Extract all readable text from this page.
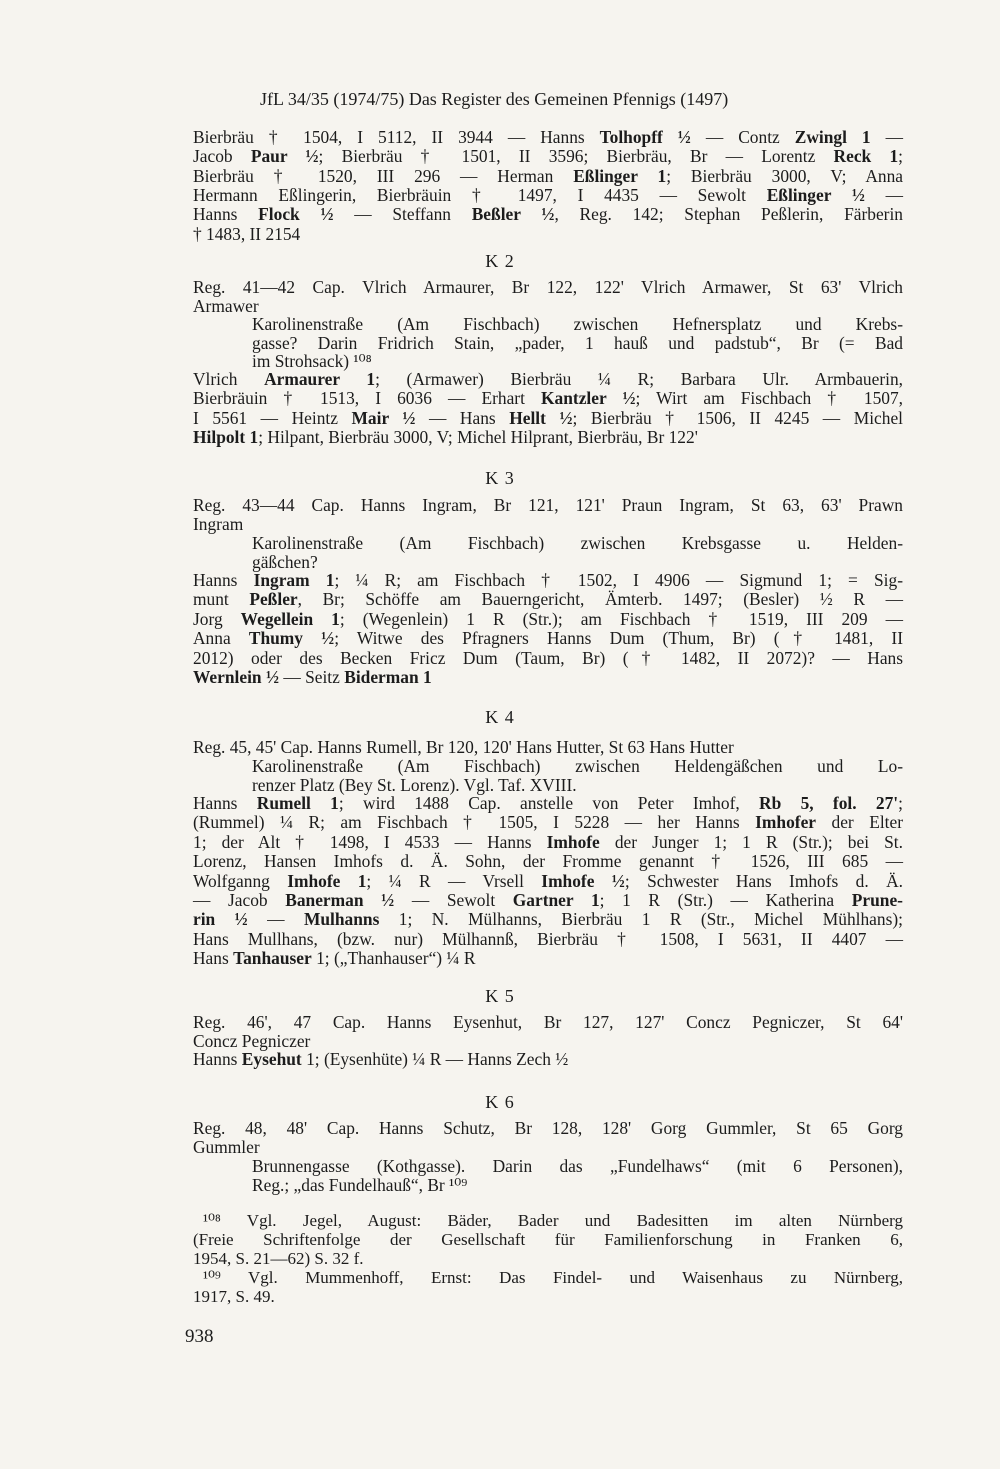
JfL 34/35 (1974/75) Das Register des Gemeinen Pfennigs (1497)
Bierbräu † 1504, I 5112, II 3944 — Hanns Tolhopff ½ — Contz Zwingl 1 —
Jacob Paur ½; Bierbräu † 1501, II 3596; Bierbräu, Br — Lorentz Reck 1;
Bierbräu † 1520, III 296 — Herman Eßlinger 1; Bierbräu 3000, V; Anna
Hermann Eßlingerin, Bierbräuin † 1497, I 4435 — Sewolt Eßlinger ½ —
Hanns Flock ½ — Steffann Beßler ½, Reg. 142; Stephan Peßlerin, Färberin
† 1483, II 2154
K 2
Reg. 41—42 Cap. Vlrich Armaurer, Br 122, 122' Vlrich Armawer, St 63' Vlrich
Armawer
Karolinenstraße (Am Fischbach) zwischen Hefnersplatz und Krebs-
gasse? Darin Fridrich Stain, „pader, 1 hauß und padstub“, Br (= Bad
im Strohsack) ¹⁰⁸
Vlrich Armaurer 1; (Armawer) Bierbräu ¼ R; Barbara Ulr. Armbauerin,
Bierbräuin † 1513, I 6036 — Erhart Kantzler ½; Wirt am Fischbach † 1507,
I 5561 — Heintz Mair ½ — Hans Hellt ½; Bierbräu † 1506, II 4245 — Michel
Hilpolt 1; Hilpant, Bierbräu 3000, V; Michel Hilprant, Bierbräu, Br 122'
K 3
Reg. 43—44 Cap. Hanns Ingram, Br 121, 121' Praun Ingram, St 63, 63' Prawn
Ingram
Karolinenstraße (Am Fischbach) zwischen Krebsgasse u. Helden-
gäßchen?
Hanns Ingram 1; ¼ R; am Fischbach † 1502, I 4906 — Sigmund 1; = Sig-
munt Peßler, Br; Schöffe am Bauerngericht, Ämterb. 1497; (Besler) ½ R —
Jorg Wegellein 1; (Wegenlein) 1 R (Str.); am Fischbach † 1519, III 209 —
Anna Thumy ½; Witwe des Pfragners Hanns Dum (Thum, Br) († 1481, II
2012) oder des Becken Fricz Dum (Taum, Br) († 1482, II 2072)? — Hans
Wernlein ½ — Seitz Biderman 1
K 4
Reg. 45, 45' Cap. Hanns Rumell, Br 120, 120' Hans Hutter, St 63 Hans Hutter
Karolinenstraße (Am Fischbach) zwischen Heldengäßchen und Lo-
renzer Platz (Bey St. Lorenz). Vgl. Taf. XVIII.
Hanns Rumell 1; wird 1488 Cap. anstelle von Peter Imhof, Rb 5, fol. 27';
(Rummel) ¼ R; am Fischbach † 1505, I 5228 — her Hanns Imhofer der Elter
1; der Alt † 1498, I 4533 — Hanns Imhofe der Junger 1; 1 R (Str.); bei St.
Lorenz, Hansen Imhofs d. Ä. Sohn, der Fromme genannt † 1526, III 685 —
Wolfganng Imhofe 1; ¼ R — Vrsell Imhofe ½; Schwester Hans Imhofs d. Ä.
— Jacob Banerman ½ — Sewolt Gartner 1; 1 R (Str.) — Katherina Prune-
rin ½ — Mulhanns 1; N. Mülhanns, Bierbräu 1 R (Str., Michel Mühlhans);
Hans Mullhans, (bzw. nur) Mülhannß, Bierbräu † 1508, I 5631, II 4407 —
Hans Tanhauser 1; („Thanhauser“) ¼ R
K 5
Reg. 46', 47 Cap. Hanns Eysenhut, Br 127, 127' Concz Pegniczer, St 64'
Concz Pegniczer
Hanns Eysehut 1; (Eysenhüte) ¼ R — Hanns Zech ½
K 6
Reg. 48, 48' Cap. Hanns Schutz, Br 128, 128' Gorg Gummler, St 65 Gorg
Gummler
Brunnengasse (Kothgasse). Darin das „Fundelhaws“ (mit 6 Personen),
Reg.; „das Fundelhauß“, Br ¹⁰⁹
¹⁰⁸ Vgl. Jegel, August: Bäder, Bader und Badesitten im alten Nürnberg
(Freie Schriftenfolge der Gesellschaft für Familienforschung in Franken 6,
1954, S. 21—62) S. 32 f.
¹⁰⁹ Vgl. Mummenhoff, Ernst: Das Findel- und Waisenhaus zu Nürnberg,
1917, S. 49.
938
